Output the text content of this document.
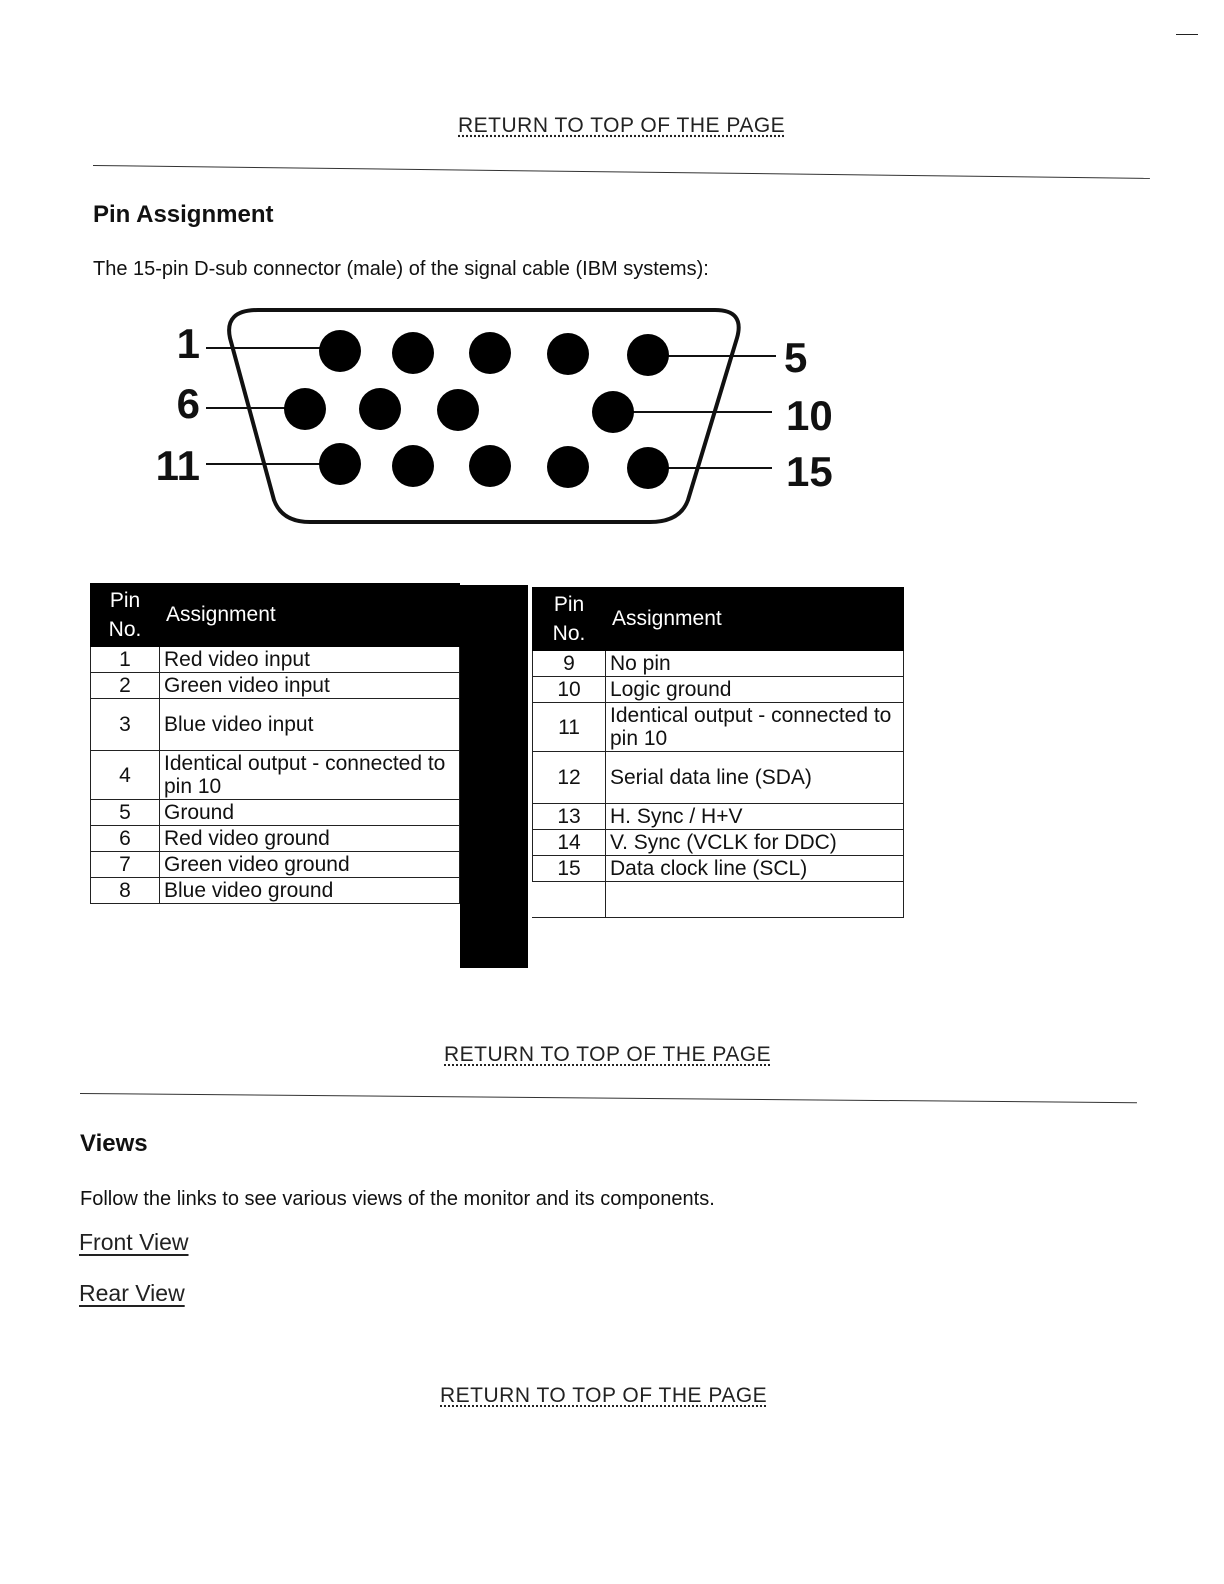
RETURN TO TOP OF THE PAGE
Pin Assignment
The 15-pin D-sub connector (male) of the signal cable (IBM systems):
1
6
11
5
10
15
Pin
No.	Assignment
1	Red video input
2	Green video input
3	Blue video input
4	Identical output - connected to pin 10
5	Ground
6	Red video ground
7	Green video ground
8	Blue video ground
Pin
No.	Assignment
9	No pin
10	Logic ground
11	Identical output - connected to pin 10
12	Serial data line (SDA)
13	H. Sync / H+V
14	V. Sync (VCLK for DDC)
15	Data clock line (SCL)

RETURN TO TOP OF THE PAGE
Views
Follow the links to see various views of the monitor and its components.
Front View
Rear View
RETURN TO TOP OF THE PAGE
